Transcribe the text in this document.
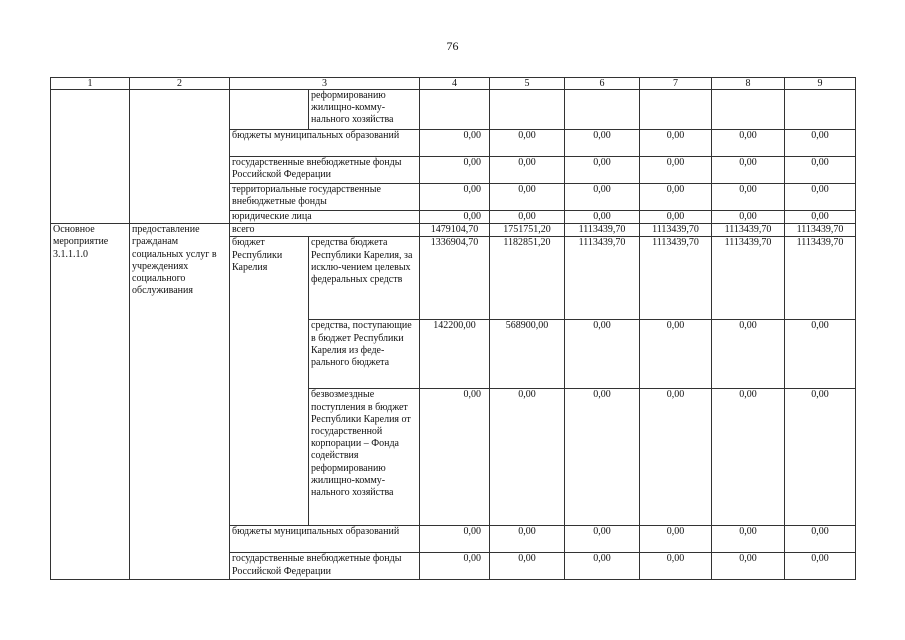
76
1	2	3		4	5	6	7	8	9
			реформированию жилищно-комму-нального хозяйства						
		бюджеты муниципальных образований		0,00	0,00	0,00	0,00	0,00	0,00
		государственные внебюджетные фонды Российской Федерации		0,00	0,00	0,00	0,00	0,00	0,00
		территориальные государственные внебюджетные фонды		0,00	0,00	0,00	0,00	0,00	0,00
		юридические лица		0,00	0,00	0,00	0,00	0,00	0,00
Основное мероприятие 3.1.1.1.0	предоставление гражданам социальных услуг в учреждениях социального обслуживания	всего		1479104,70	1751751,20	1113439,70	1113439,70	1113439,70	1113439,70
		бюджет Республики Карелия	средства бюджета Республики Карелия, за исклю-чением целевых федеральных средств	1336904,70	1182851,20	1113439,70	1113439,70	1113439,70	1113439,70
			средства, поступающие в бюджет Республики Карелия из феде-рального бюджета	142200,00	568900,00	0,00	0,00	0,00	0,00
			безвозмездные поступления в бюджет Республики Карелия от государственной корпорации – Фонда содействия реформированию жилищно-комму-нального хозяйства	0,00	0,00	0,00	0,00	0,00	0,00
		бюджеты муниципальных образований		0,00	0,00	0,00	0,00	0,00	0,00
		государственные внебюджетные фонды Российской Федерации		0,00	0,00	0,00	0,00	0,00	0,00
